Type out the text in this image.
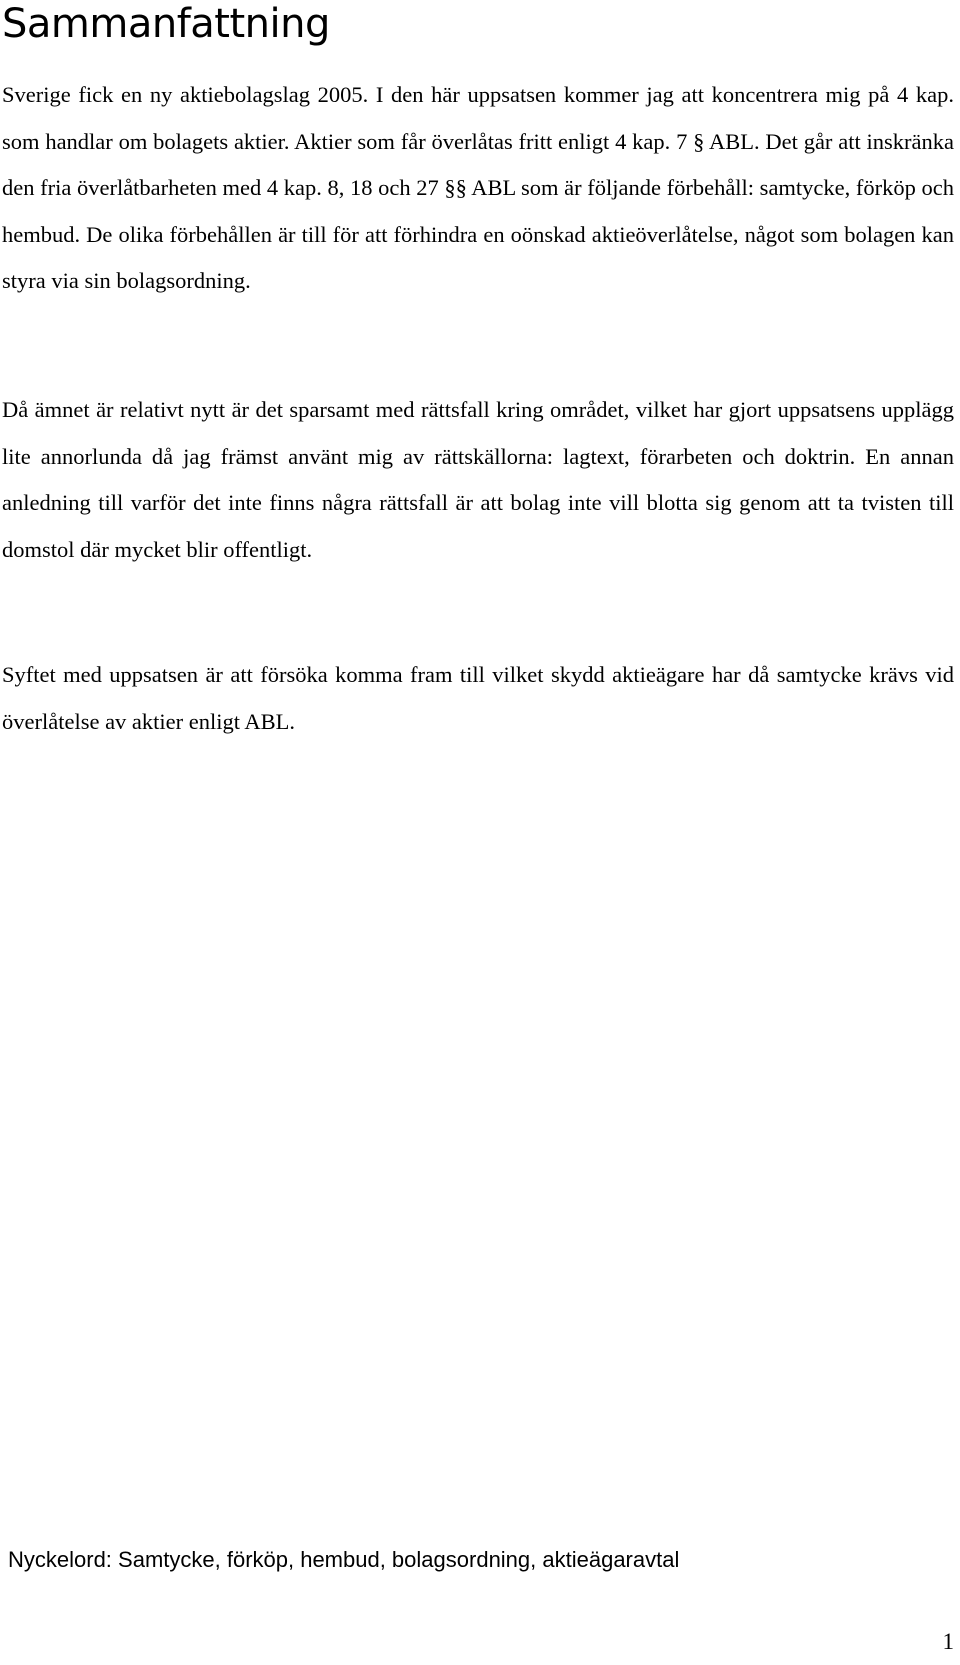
Sammanfattning

Sverige fick en ny aktiebolagslag 2005. I den här uppsatsen kommer jag att koncentrera mig på 4 kap. som handlar om bolagets aktier. Aktier som får överlåtas fritt enligt 4 kap. 7 § ABL. Det går att inskränka den fria överlåtbarheten med 4 kap. 8, 18 och 27 §§ ABL som är följande förbehåll: samtycke, förköp och hembud. De olika förbehållen är till för att förhindra en oönskad aktieöverlåtelse, något som bolagen kan styra via sin bolagsordning.

Då ämnet är relativt nytt är det sparsamt med rättsfall kring området, vilket har gjort uppsatsens upplägg lite annorlunda då jag främst använt mig av rättskällorna: lagtext, förarbeten och doktrin. En annan anledning till varför det inte finns några rättsfall är att bolag inte vill blotta sig genom att ta tvisten till domstol där mycket blir offentligt.

Syftet med uppsatsen är att försöka komma fram till vilket skydd aktieägare har då samtycke krävs vid överlåtelse av aktier enligt ABL.

Nyckelord: Samtycke, förköp, hembud, bolagsordning, aktieägaravtal

1
